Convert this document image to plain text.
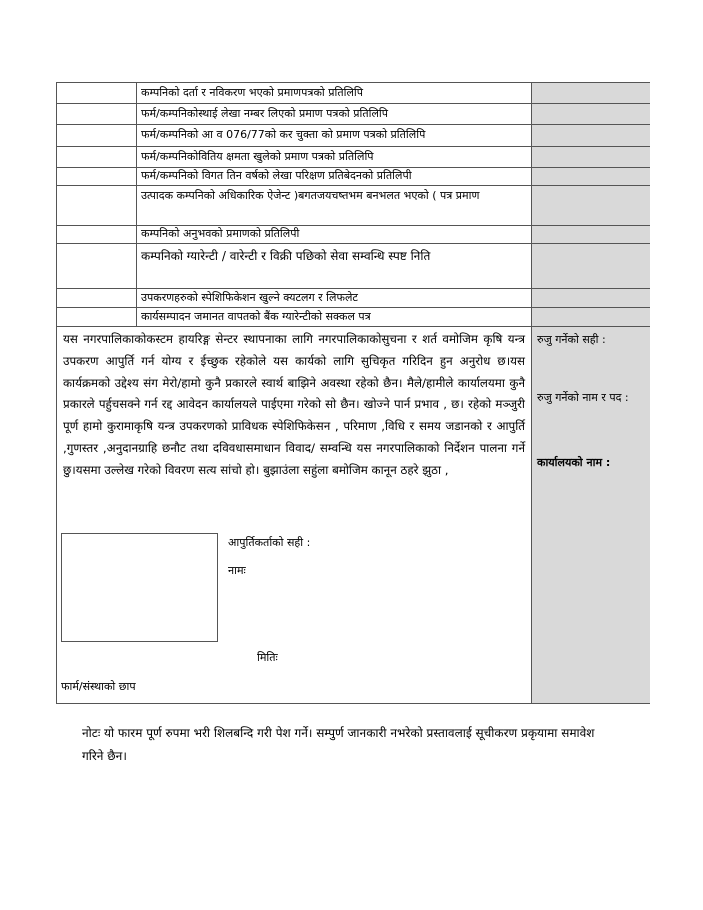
कम्पनिको दर्ता र नविकरण भएको प्रमाणपत्रको प्रतिलिपि
फर्म/कम्पनिकोस्थाई लेखा नम्बर लिएको प्रमाण पत्रको प्रतिलिपि
फर्म/कम्पनिको आ व 076/77को कर चुक्ता को प्रमाण पत्रको प्रतिलिपि
फर्म/कम्पनिकोवितिय क्षमता खुलेको प्रमाण पत्रको प्रतिलिपि
फर्म/कम्पनिको विगत तिन वर्षको लेखा परिक्षण प्रतिबेदनको प्रतिलिपी
उत्पादक कम्पनिको अधिकारिक ऐजेन्ट )बगतजयचष्तभम बनभलत भएको ( पत्र प्रमाण
कम्पनिको अनुभवको प्रमाणको प्रतिलिपी
कम्पनिको ग्यारेन्टी / वारेन्टी र विक्री पछिको सेवा सम्वन्धि स्पष्ट निति
उपकरणहरुको स्पेशिफिकेशन खुल्ने क्यटलग र लिफलेट
कार्यसम्पादन जमानत वापतको बैंक ग्यारेन्टीको सक्कल पत्र
यस नगरपालिकाकोकस्टम हायरिङ्ग सेन्टर स्थापनाका लागि नगरपालिकाकोसुचना र शर्त वमोजिम कृषि यन्त्र उपकरण आपुर्ति गर्न योग्य र ईच्छुक रहेकोले यस कार्यको लागि सुचिकृत गरिदिन हुन अनुरोध छ।यस कार्यक्रमको उद्देश्य संग मेरो/हामो कुनै प्रकारले स्वार्थ बाझिने अवस्था रहेको छैन। मैले/हामीले कार्यालयमा कुनै प्रकारले पर्हुचसक्ने गर्न रद्द आवेदन कार्यालयले पाईएमा गरेको सो छैन। खोज्ने पार्न प्रभाव , छ। रहेको मञ्जुरी पूर्ण हामो कुरामाकृषि यन्त्र उपकरणको प्राविधक स्पेशिफिकेसन , परिमाण ,विधि र समय जडानको र आपुर्ति ,गुणस्तर ,अनुदानग्राहि छनौट तथा दविवधासमाधान विवाद/ सम्वन्धि यस नगरपालिकाको निर्देशन पालना गर्ने छु।यसमा उल्लेख गरेको विवरण सत्य सांचो हो। बुझाउंला सहुंला बमोजिम कानून ठहरे झुठा ,
आपुर्तिकर्ताको सही :
नामः
मितिः
फार्म/संस्थाको छाप
रुजु गर्नेको सही :
रुजु गर्नेको नाम र पद :
कार्यालयको नाम :
नोटः यो फारम पूर्ण रुपमा भरी शिलबन्दि गरी पेश गर्ने। सम्पुर्ण जानकारी नभरेको प्रस्तावलाई सूचीकरण प्रकृयामा समावेश गरिने छैन।
